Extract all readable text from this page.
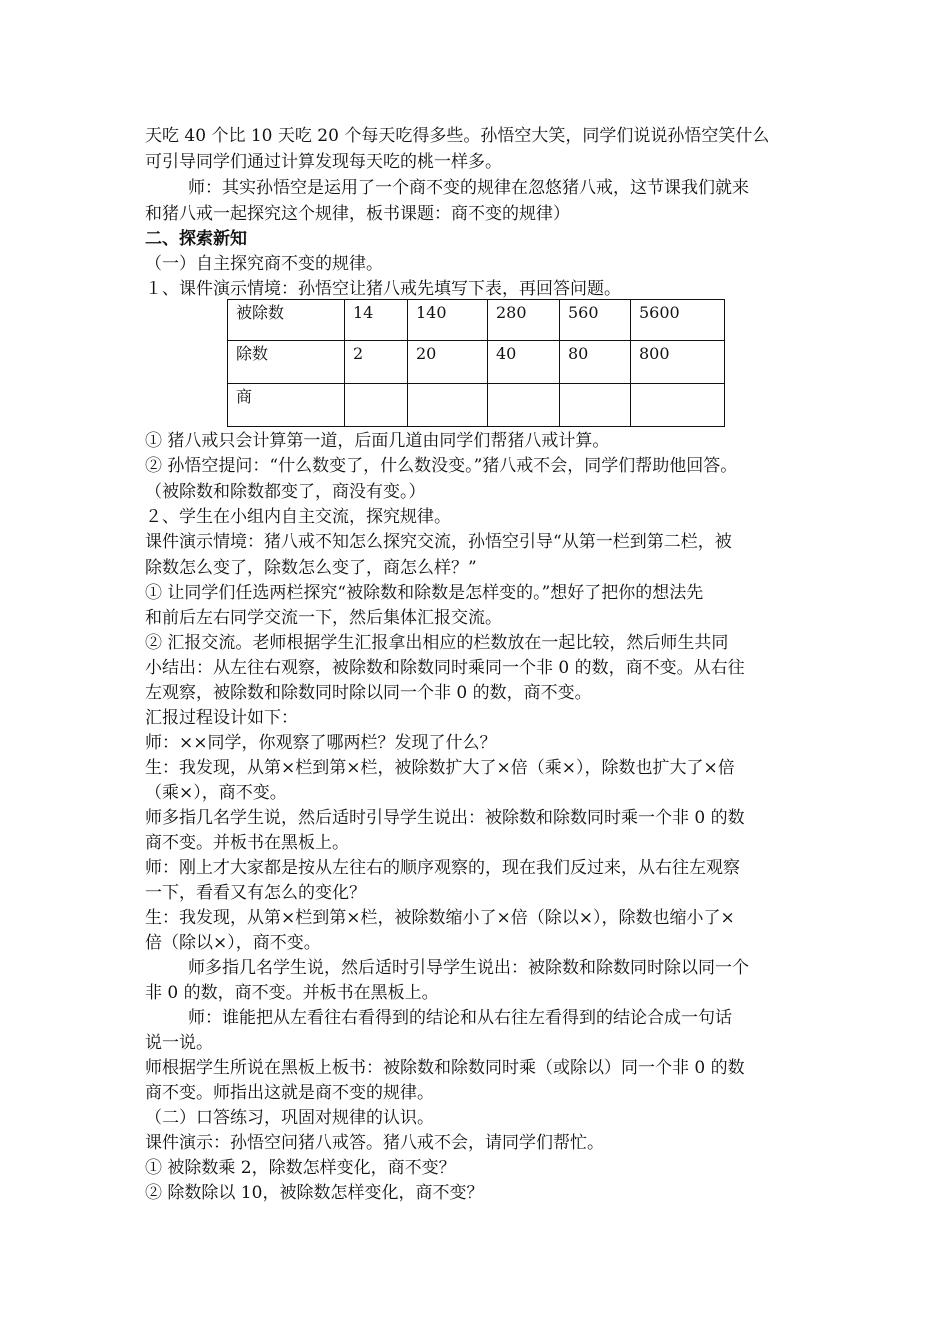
天吃 40 个比 10 天吃 20 个每天吃得多些。孙悟空大笑，同学们说说孙悟空笑什么
可引导同学们通过计算发现每天吃的桃一样多。
师：其实孙悟空是运用了一个商不变的规律在忽悠猪八戒，这节课我们就来
和猪八戒一起探究这个规律，板书课题：商不变的规律）
二、探索新知
（一）自主探究商不变的规律。
１、课件演示情境：孙悟空让猪八戒先填写下表，再回答问题。
被除数	14	140	280	560	5600
除数	2	20	40	80	800
商					
① 猪八戒只会计算第一道，后面几道由同学们帮猪八戒计算。
② 孙悟空提问：“什么数变了，什么数没变。”猪八戒不会，同学们帮助他回答。
（被除数和除数都变了，商没有变。）
２、学生在小组内自主交流，探究规律。
课件演示情境：猪八戒不知怎么探究交流，孙悟空引导“从第一栏到第二栏，被
除数怎么变了，除数怎么变了，商怎么样？”
① 让同学们任选两栏探究“被除数和除数是怎样变的。”想好了把你的想法先
和前后左右同学交流一下，然后集体汇报交流。
② 汇报交流。老师根据学生汇报拿出相应的栏数放在一起比较，然后师生共同
小结出：从左往右观察，被除数和除数同时乘同一个非 0 的数，商不变。从右往
左观察，被除数和除数同时除以同一个非 0 的数，商不变。
汇报过程设计如下：
师：××同学，你观察了哪两栏？发现了什么？
生：我发现，从第×栏到第×栏，被除数扩大了×倍（乘×），除数也扩大了×倍
（乘×），商不变。
师多指几名学生说，然后适时引导学生说出：被除数和除数同时乘一个非 0 的数
商不变。并板书在黑板上。
师：刚上才大家都是按从左往右的顺序观察的，现在我们反过来，从右往左观察
一下，看看又有怎么的变化？
生：我发现，从第×栏到第×栏，被除数缩小了×倍（除以×），除数也缩小了×
倍（除以×），商不变。
师多指几名学生说，然后适时引导学生说出：被除数和除数同时除以同一个
非 0 的数，商不变。并板书在黑板上。
师：谁能把从左看往右看得到的结论和从右往左看得到的结论合成一句话
说一说。
师根据学生所说在黑板上板书：被除数和除数同时乘（或除以）同一个非 0 的数
商不变。师指出这就是商不变的规律。
（二）口答练习，巩固对规律的认识。
课件演示：孙悟空问猪八戒答。猪八戒不会，请同学们帮忙。
① 被除数乘 2，除数怎样变化，商不变？
② 除数除以 10，被除数怎样变化，商不变？
